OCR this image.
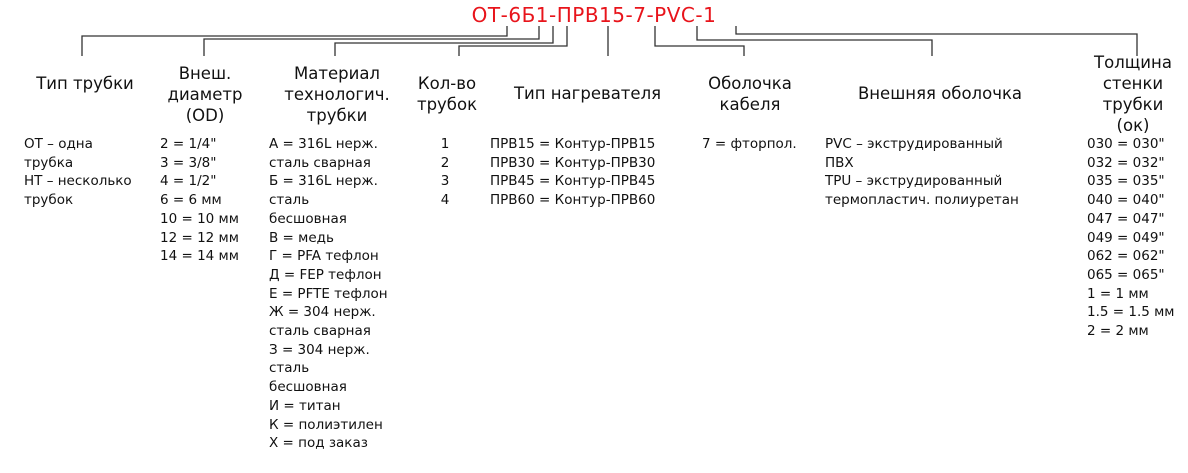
ОТ-6Б1-ПРВ15-7-PVC-1
Тип трубки
Внеш.
диаметр
(OD)
Материал
технологич.
трубки
Кол-во
трубок
Тип нагревателя
Оболочка
кабеля
Внешняя оболочка
Толщина
стенки
трубки
(ок)
ОТ – одна
трубка
НТ – несколько
трубок
2 = 1/4"
3 = 3/8"
4 = 1/2"
6 = 6 мм
10 = 10 мм
12 = 12 мм
14 = 14 мм
А = 316L нерж.
сталь сварная
Б = 316L нерж.
сталь
бесшовная
В = медь
Г = PFA тефлон
Д = FEP тефлон
Е = PFTE тефлон
Ж = 304 нерж.
сталь сварная
З = 304 нерж.
сталь
бесшовная
И = титан
К = полиэтилен
Х = под заказ
1
2
3
4
ПРВ15 = Контур-ПРВ15
ПРВ30 = Контур-ПРВ30
ПРВ45 = Контур-ПРВ45
ПРВ60 = Контур-ПРВ60
7 = фторпол. PVC – экструдированный
ПВХ
TPU – экструдированный
термопластич. полиуретан
030 = 030"
032 = 032"
035 = 035"
040 = 040"
047 = 047"
049 = 049"
062 = 062"
065 = 065"
1 = 1 мм
1.5 = 1.5 мм
2 = 2 мм
